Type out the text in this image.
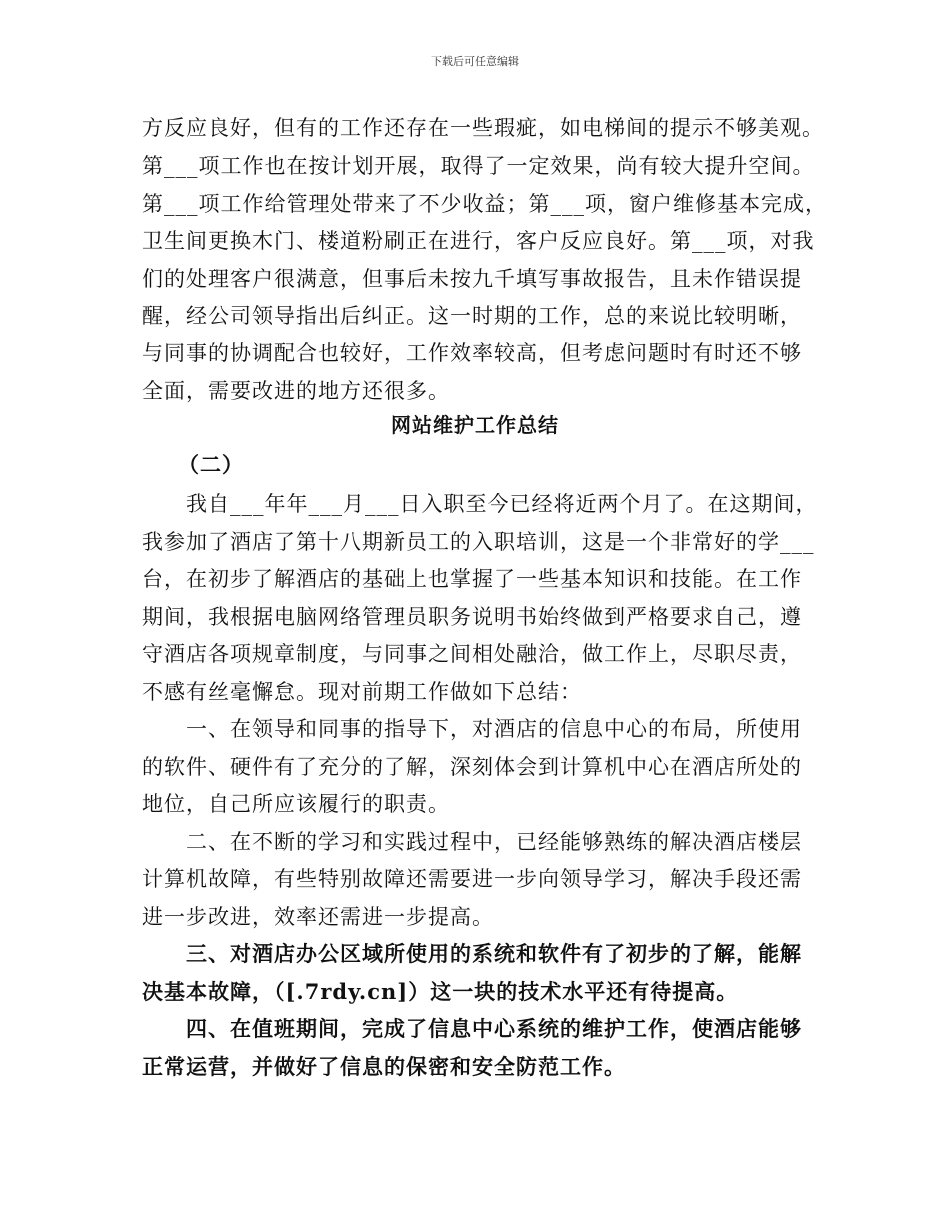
下载后可任意编辑
方反应良好，但有的工作还存在一些瑕疵，如电梯间的提示不够美观。
第___项工作也在按计划开展，取得了一定效果，尚有较大提升空间。
第___项工作给管理处带来了不少收益；第___项，窗户维修基本完成，
卫生间更换木门、楼道粉刷正在进行，客户反应良好。第___项，对我
们的处理客户很满意，但事后未按九千填写事故报告，且未作错误提
醒，经公司领导指出后纠正。这一时期的工作，总的来说比较明晰，
与同事的协调配合也较好，工作效率较高，但考虑问题时有时还不够
全面，需要改进的地方还很多。
网站维护工作总结
（二）
我自___年年___月___日入职至今已经将近两个月了。在这期间，
我参加了酒店了第十八期新员工的入职培训，这是一个非常好的学___
台，在初步了解酒店的基础上也掌握了一些基本知识和技能。在工作
期间，我根据电脑网络管理员职务说明书始终做到严格要求自己，遵
守酒店各项规章制度，与同事之间相处融洽，做工作上，尽职尽责，
不感有丝毫懈怠。现对前期工作做如下总结：
一、在领导和同事的指导下，对酒店的信息中心的布局，所使用
的软件、硬件有了充分的了解，深刻体会到计算机中心在酒店所处的
地位，自己所应该履行的职责。
二、在不断的学习和实践过程中，已经能够熟练的解决酒店楼层
计算机故障，有些特别故障还需要进一步向领导学习，解决手段还需
进一步改进，效率还需进一步提高。
三、对酒店办公区域所使用的系统和软件有了初步的了解，能解
决基本故障，（[.7rdy.cn]）这一块的技术水平还有待提高。
四、在值班期间，完成了信息中心系统的维护工作，使酒店能够
正常运营，并做好了信息的保密和安全防范工作。
